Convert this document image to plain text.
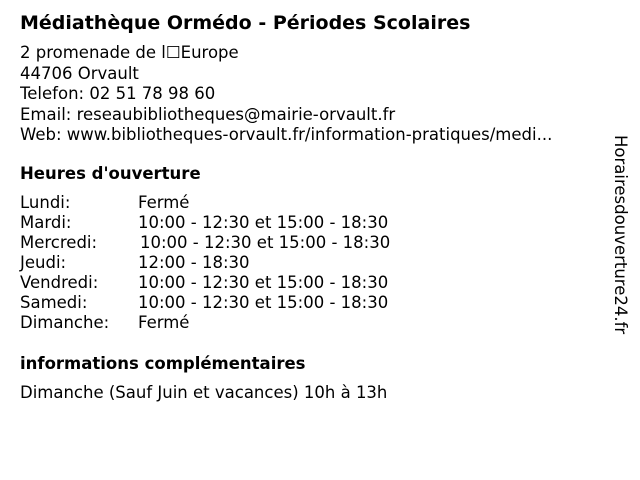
Médiathèque Ormédo - Périodes Scolaires
2 promenade de l☐Europe
44706 Orvault
Telefon: 02 51 78 98 60
Email: reseaubibliotheques@mairie-orvault.fr
Web: www.bibliotheques-orvault.fr/information-pratiques/medi...
Heures d'ouverture
Lundi:	Fermé
Mardi:	10:00 - 12:30 et 15:00 - 18:30
Mercredi:	10:00 - 12:30 et 15:00 - 18:30
Jeudi:	12:00 - 18:30
Vendredi: 10:00 - 12:30 et 15:00 - 18:30
Samedi:	10:00 - 12:30 et 15:00 - 18:30
Dimanche: Fermé
informations complémentaires
Dimanche (Sauf Juin et vacances) 10h à 13h
Horairesdouverture24.fr
